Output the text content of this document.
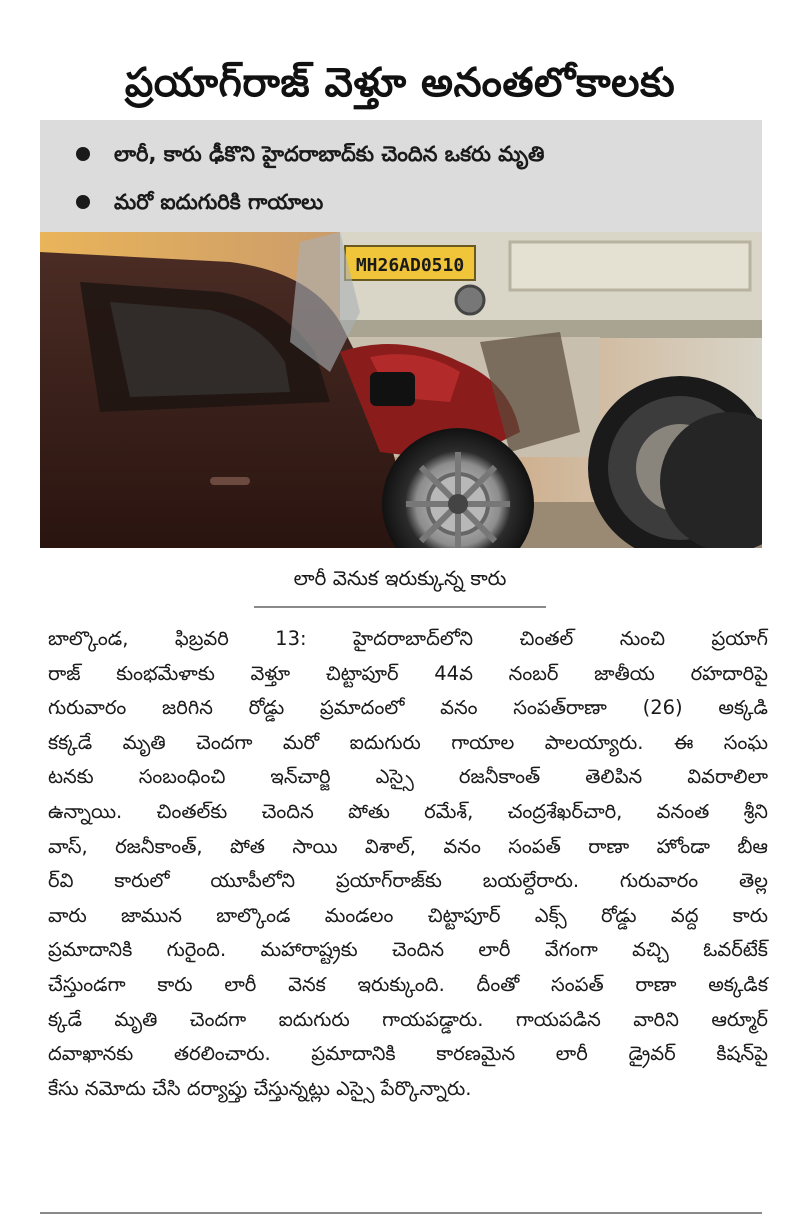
ప్రయాగ్‌రాజ్ వెళ్తూ అనంతలోకాలకు
లారీ, కారు ఢీకొని హైదరాబాద్‌కు చెందిన ఒకరు మృతి
మరో ఐదుగురికి గాయాలు
MH26AD0510
లారీ వెనుక ఇరుక్కున్న కారు
బాల్కొండ, ఫిబ్రవరి 13: హైదరాబాద్‌లోని చింతల్ నుంచి ప్రయాగ్
రాజ్ కుంభమేళాకు వెళ్తూ చిట్టాపూర్ 44వ నంబర్ జాతీయ రహదారిపై
గురువారం జరిగిన రోడ్డు ప్రమాదంలో వనం సంపత్‌రాణా (26) అక్కడి
కక్కడే మృతి చెందగా మరో ఐదుగురు గాయాల పాలయ్యారు. ఈ సంఘ
టనకు సంబంధించి ఇన్‌చార్జి ఎస్సై రజనీకాంత్ తెలిపిన వివరాలిలా
ఉన్నాయి. చింతల్‌కు చెందిన పోతు రమేశ్, చంద్రశేఖర్‌చారి, వనంత శ్రీని
వాస్, రజనీకాంత్, పోత సాయి విశాల్, వనం సంపత్ రాణా హోండా బీఆ
ర్‌వి కారులో యూపీలోని ప్రయాగ్‌రాజ్‌కు బయల్దేరారు. గురువారం తెల్ల
వారు జామున బాల్కొండ మండలం చిట్టాపూర్ ఎక్స్ రోడ్డు వద్ద కారు
ప్రమాదానికి గురైంది. మహారాష్ట్రకు చెందిన లారీ వేగంగా వచ్చి ఓవర్‌టేక్
చేస్తుండగా కారు లారీ వెనక ఇరుక్కుంది. దీంతో సంపత్ రాణా అక్కడిక
క్కడే మృతి చెందగా ఐదుగురు గాయపడ్డారు. గాయపడిన వారిని ఆర్మూర్
దవాఖానకు తరలించారు. ప్రమాదానికి కారణమైన లారీ డ్రైవర్ కిషన్‌పై
కేసు నమోదు చేసి దర్యాప్తు చేస్తున్నట్లు ఎస్సై పేర్కొన్నారు.
